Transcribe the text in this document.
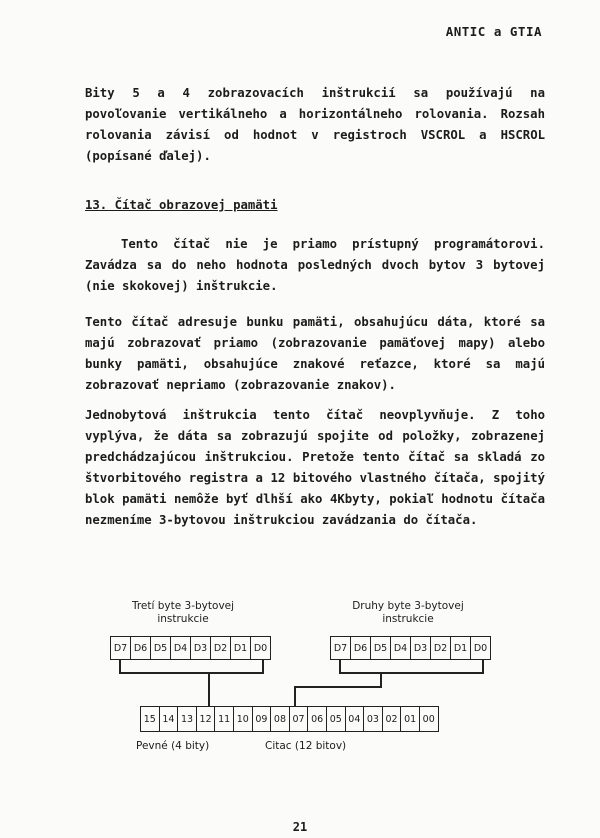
ANTIC a GTIA
Bity 5 a 4 zobrazovacích inštrukcií sa používajú na povoľovanie vertikálneho a horizontálneho rolovania. Rozsah rolovania závisí od hodnot v registroch VSCROL a HSCROL (popísané ďalej).
13. Čítač obrazovej pamäti
Tento čítač nie je priamo prístupný programátorovi. Zavádza sa do neho hodnota posledných dvoch bytov 3 bytovej (nie skokovej) inštrukcie.
Tento čítač adresuje bunku pamäti, obsahujúcu dáta, ktoré sa majú zobrazovať priamo (zobrazovanie pamäťovej mapy) alebo bunky pamäti, obsahujúce znakové reťazce, ktoré sa majú zobrazovať nepriamo (zobrazovanie znakov).
Jednobytová inštrukcia tento čítač neovplyvňuje. Z toho vyplýva, že dáta sa zobrazujú spojite od položky, zobrazenej predchádzajúcou inštrukciou. Pretože tento čítač sa skladá zo štvorbitového registra a 12 bitového vlastného čítača, spojitý blok pamäti nemôže byť dlhší ako 4Kbyty, pokiaľ hodnotu čítača nezmeníme 3-bytovou inštrukciou zavádzania do čítača.
Tretí byte 3-bytovej
instrukcie
Druhy byte 3-bytovej
instrukcie
D7 D6 D5 D4 D3 D2 D1 D0	D7 D6 D5 D4 D3 D2 D1 D0
15 14 13 12 11 10 09 08 07 06 05 04 03 02 01 00
Pevné (4 bity)	Citac (12 bitov)
21
